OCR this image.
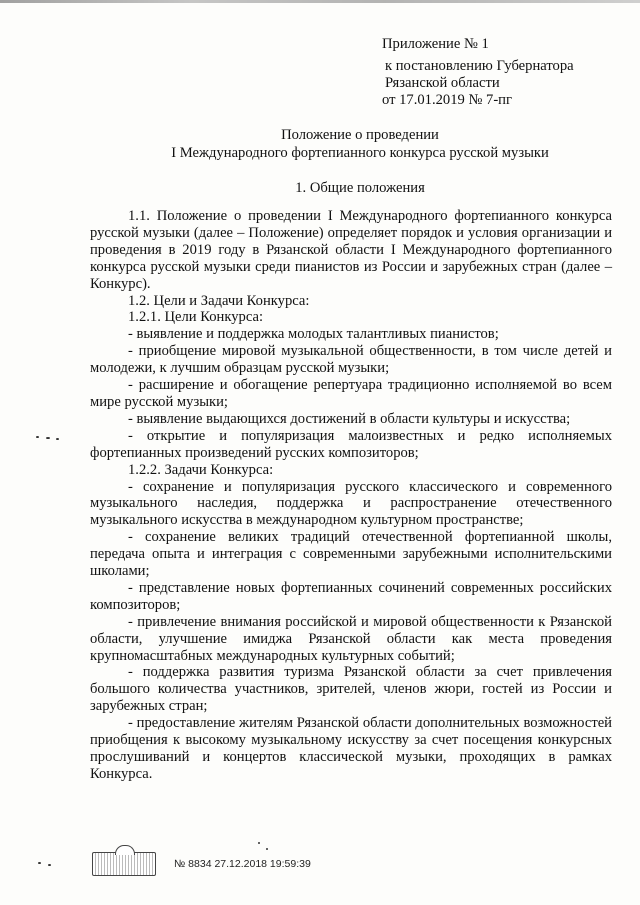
Приложение № 1
к постановлению Губернатора
Рязанской области
от 17.01.2019 № 7-пг
Положение о проведении
I Международного фортепианного конкурса русской музыки
1. Общие положения

1.1. Положение о проведении I Международного фортепианного конкурса русской музыки (далее – Положение) определяет порядок и условия организации и проведения в 2019 году в Рязанской области I Международного фортепианного конкурса русской музыки среди пианистов из России и зарубежных стран (далее – Конкурс).

1.2. Цели и Задачи Конкурса:

1.2.1. Цели Конкурса:

- выявление и поддержка молодых талантливых пианистов;

- приобщение мировой музыкальной общественности, в том числе детей и молодежи, к лучшим образцам русской музыки;

- расширение и обогащение репертуара традиционно исполняемой во всем мире русской музыки;

- выявление выдающихся достижений в области культуры и искусства;

- открытие и популяризация малоизвестных и редко исполняемых фортепианных произведений русских композиторов;

1.2.2. Задачи Конкурса:

- сохранение и популяризация русского классического и современного музыкального наследия, поддержка и распространение отечественного музыкального искусства в международном культурном пространстве;

- сохранение великих традиций отечественной фортепианной школы, передача опыта и интеграция с современными зарубежными исполнительскими школами;

- представление новых фортепианных сочинений современных российских композиторов;

- привлечение внимания российской и мировой общественности к Рязанской области, улучшение имиджа Рязанской области как места проведения крупномасштабных международных культурных событий;

- поддержка развития туризма Рязанской области за счет привлечения большого количества участников, зрителей, членов жюри, гостей из России и зарубежных стран;

- предоставление жителям Рязанской области дополнительных возможностей приобщения к высокому музыкальному искусству за счет посещения конкурсных прослушиваний и концертов классической музыки, проходящих в рамках Конкурса.

№ 8834 27.12.2018 19:59:39
